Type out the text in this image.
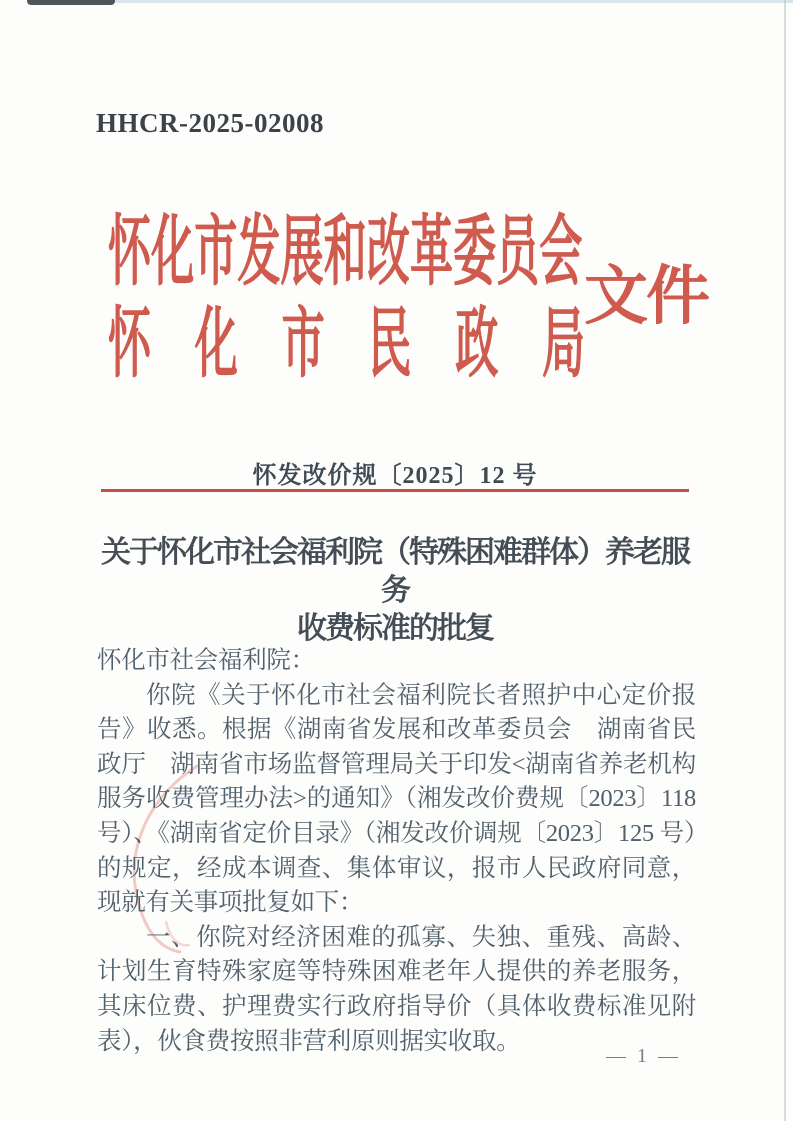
HHCR-2025-02008
怀化市发展和改革委员会
怀化市民政局
文件
怀发改价规〔2025〕12 号
关于怀化市社会福利院（特殊困难群体）养老服务
收费标准的批复

怀化市社会福利院：

你院《关于怀化市社会福利院长者照护中心定价报告》收悉。根据《湖南省发展和改革委员会　湖南省民政厅　湖南省市场监督管理局关于印发<湖南省养老机构服务收费管理办法>的通知》（湘发改价费规〔2023〕118 号）、《湖南省定价目录》（湘发改价调规〔2023〕125 号）的规定，经成本调查、集体审议，报市人民政府同意，现就有关事项批复如下：

一、你院对经济困难的孤寡、失独、重残、高龄、计划生育特殊家庭等特殊困难老年人提供的养老服务，其床位费、护理费实行政府指导价（具体收费标准见附表），伙食费按照非营利原则据实收取。

— 1 —
